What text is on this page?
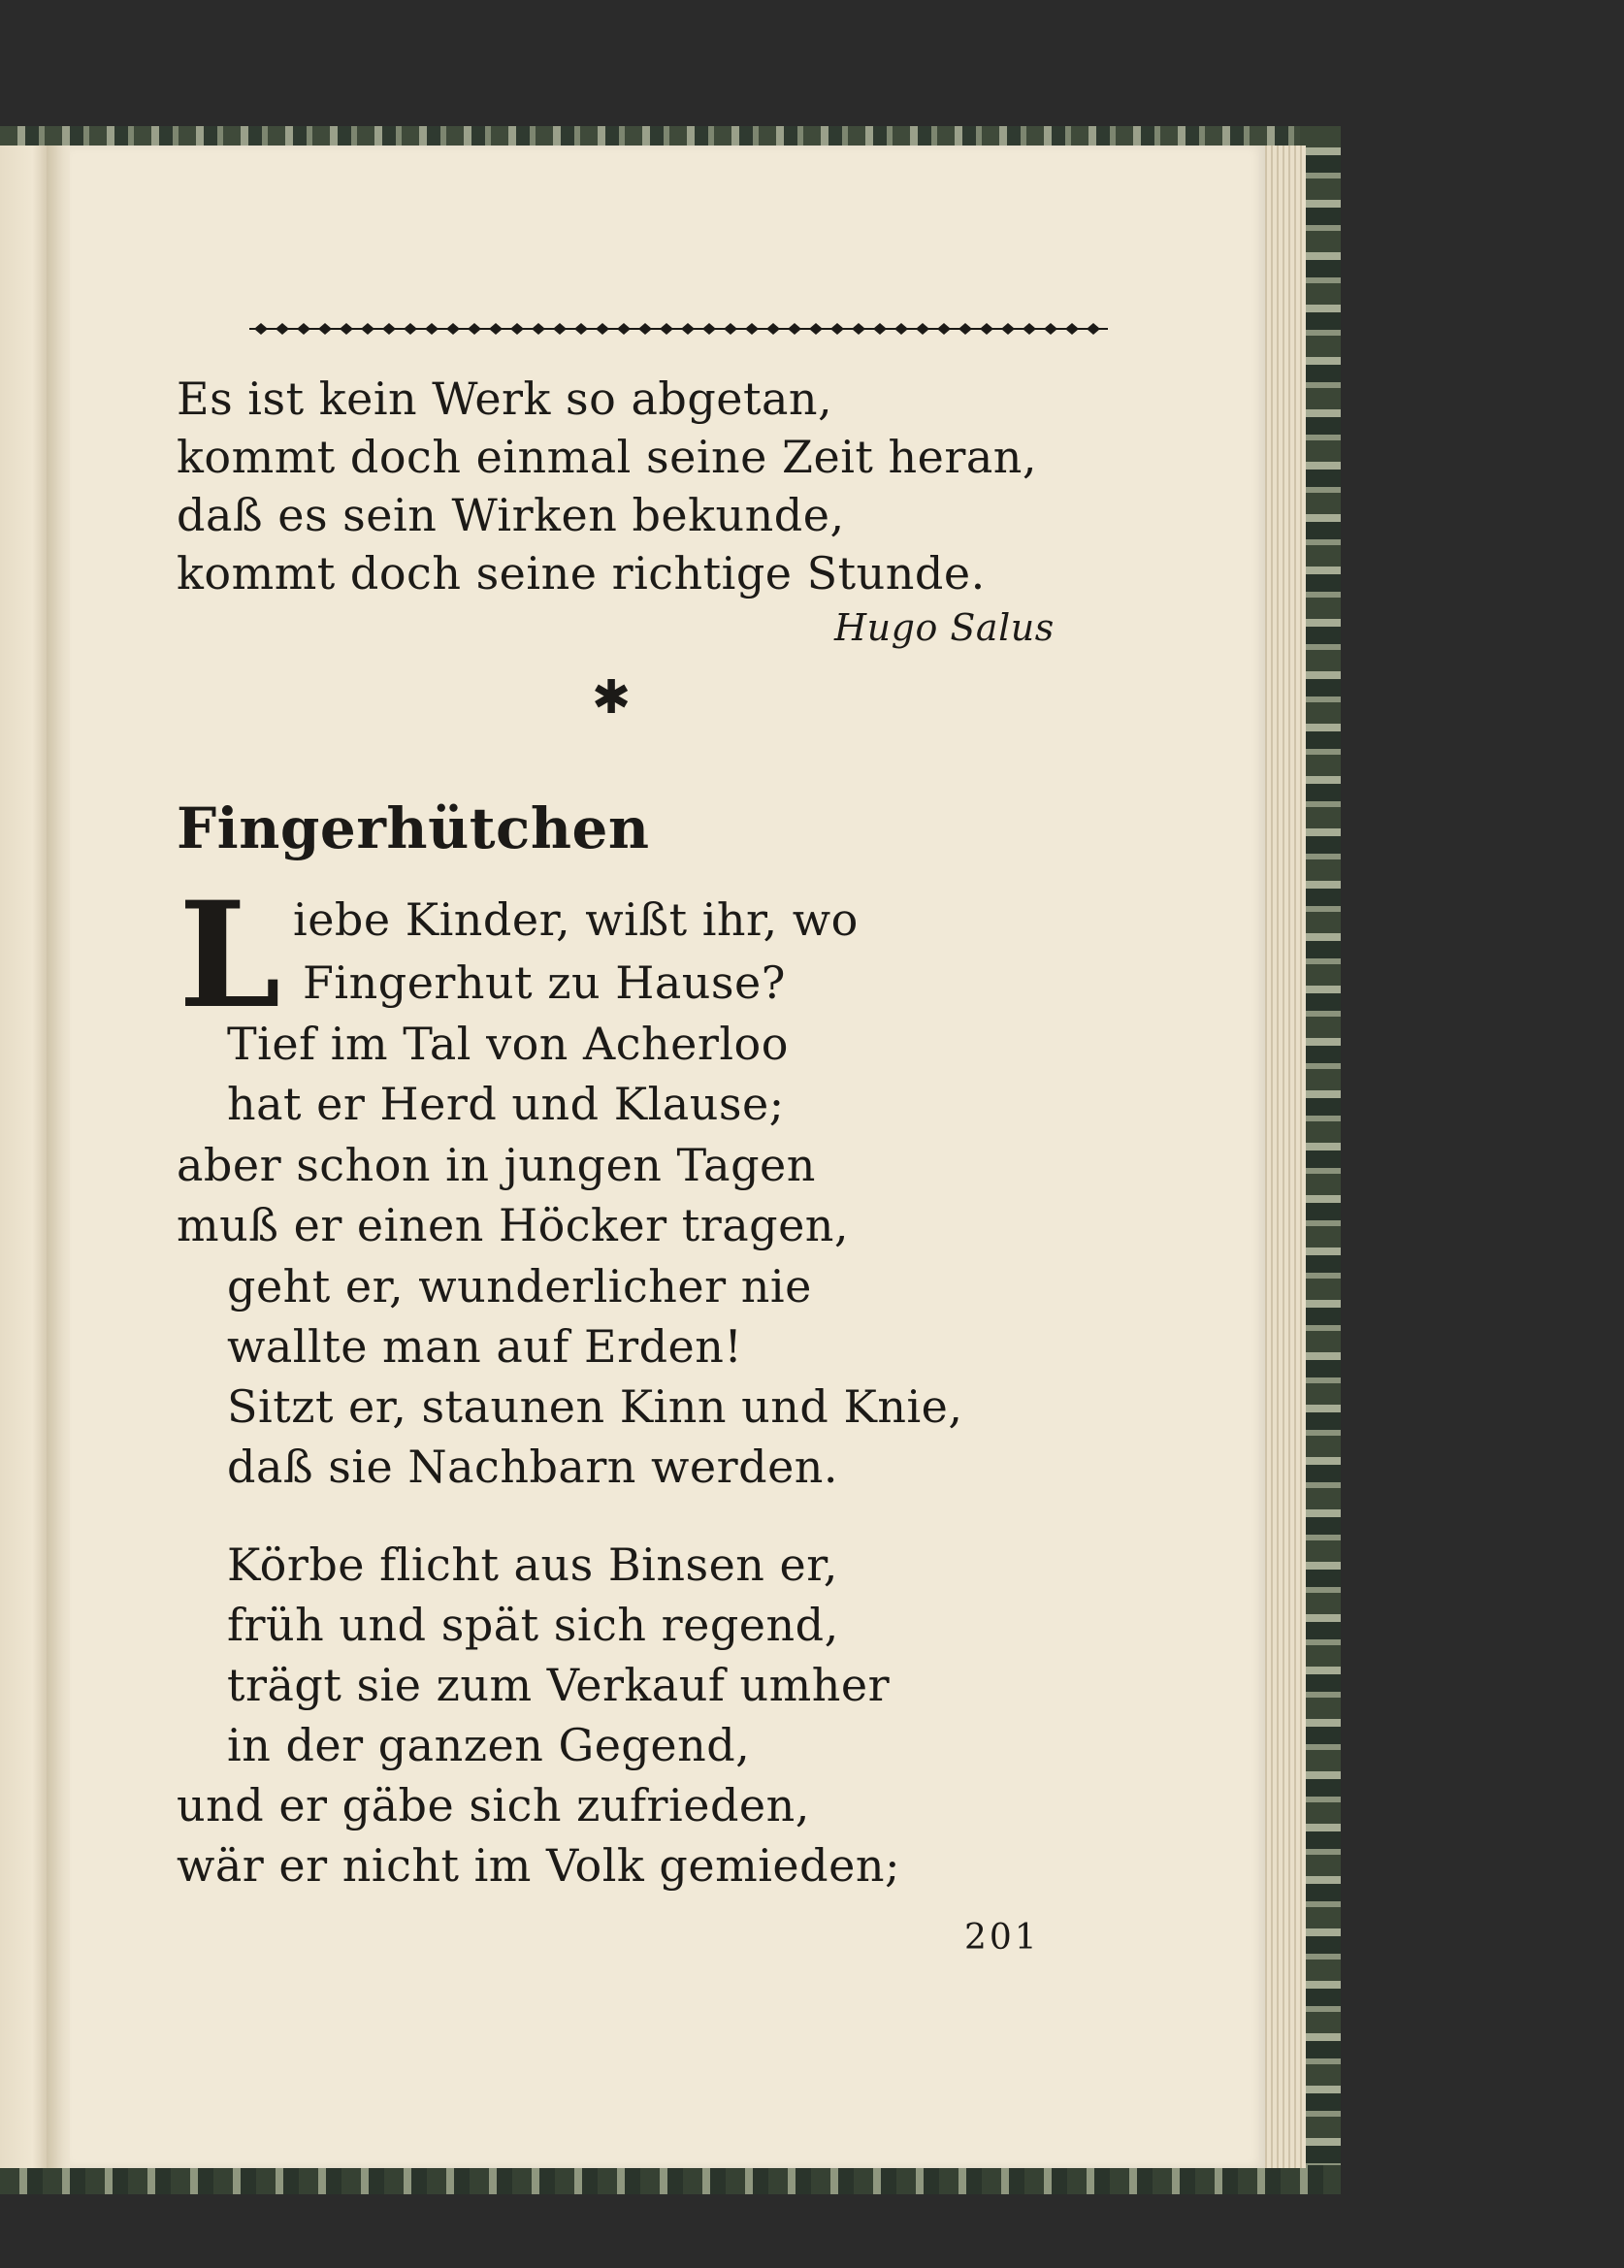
Es ist kein Werk so abgetan,
kommt doch einmal seine Zeit heran,
daß es sein Wirken bekunde,
kommt doch seine richtige Stunde.
Hugo Salus
✱
Fingerhütchen
L iebe Kinder, wißt ihr, wo
Fingerhut zu Hause?
Tief im Tal von Acherloo
hat er Herd und Klause;
aber schon in jungen Tagen
muß er einen Höcker tragen,
geht er, wunderlicher nie
wallte man auf Erden!
Sitzt er, staunen Kinn und Knie,
daß sie Nachbarn werden.
Körbe flicht aus Binsen er,
früh und spät sich regend,
trägt sie zum Verkauf umher
in der ganzen Gegend,
und er gäbe sich zufrieden,
wär er nicht im Volk gemieden;
201
